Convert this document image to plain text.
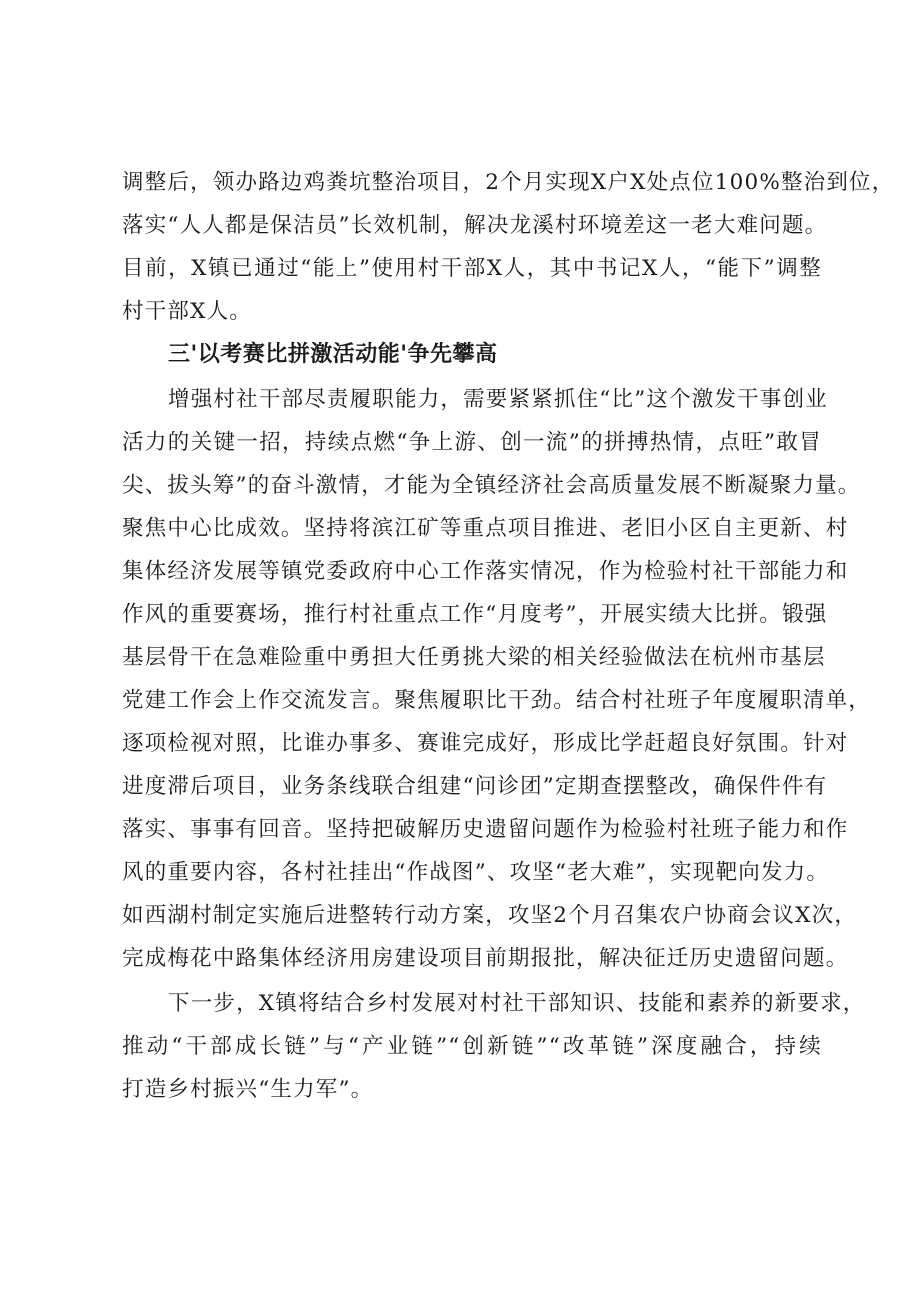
调整后，领办路边鸡粪坑整治项目，2个月实现X户X处点位100%整治到位，
落实“人人都是保洁员”长效机制，解决龙溪村环境差这一老大难问题。
目前，X镇已通过“能上”使用村干部X人，其中书记X人，“能下”调整
村干部X人。
三'以考赛比拼激活动能'争先攀高
增强村社干部尽责履职能力，需要紧紧抓住“比”这个激发干事创业
活力的关键一招，持续点燃“争上游、创一流”的拼搏热情，点旺”敢冒
尖、拔头筹”的奋斗激情，才能为全镇经济社会高质量发展不断凝聚力量。
聚焦中心比成效。坚持将滨江矿等重点项目推进、老旧小区自主更新、村
集体经济发展等镇党委政府中心工作落实情况，作为检验村社干部能力和
作风的重要赛场，推行村社重点工作“月度考”，开展实绩大比拼。锻强
基层骨干在急难险重中勇担大任勇挑大梁的相关经验做法在杭州市基层
党建工作会上作交流发言。聚焦履职比干劲。结合村社班子年度履职清单，
逐项检视对照，比谁办事多、赛谁完成好，形成比学赶超良好氛围。针对
进度滞后项目，业务条线联合组建“问诊团”定期查摆整改，确保件件有
落实、事事有回音。坚持把破解历史遗留问题作为检验村社班子能力和作
风的重要内容，各村社挂出“作战图”、攻坚“老大难”，实现靶向发力。
如西湖村制定实施后进整转行动方案，攻坚2个月召集农户协商会议X次，
完成梅花中路集体经济用房建设项目前期报批，解决征迁历史遗留问题。
下一步，X镇将结合乡村发展对村社干部知识、技能和素养的新要求，
推动“干部成长链”与“产业链”“创新链”“改革链”深度融合，持续
打造乡村振兴“生力军”。
